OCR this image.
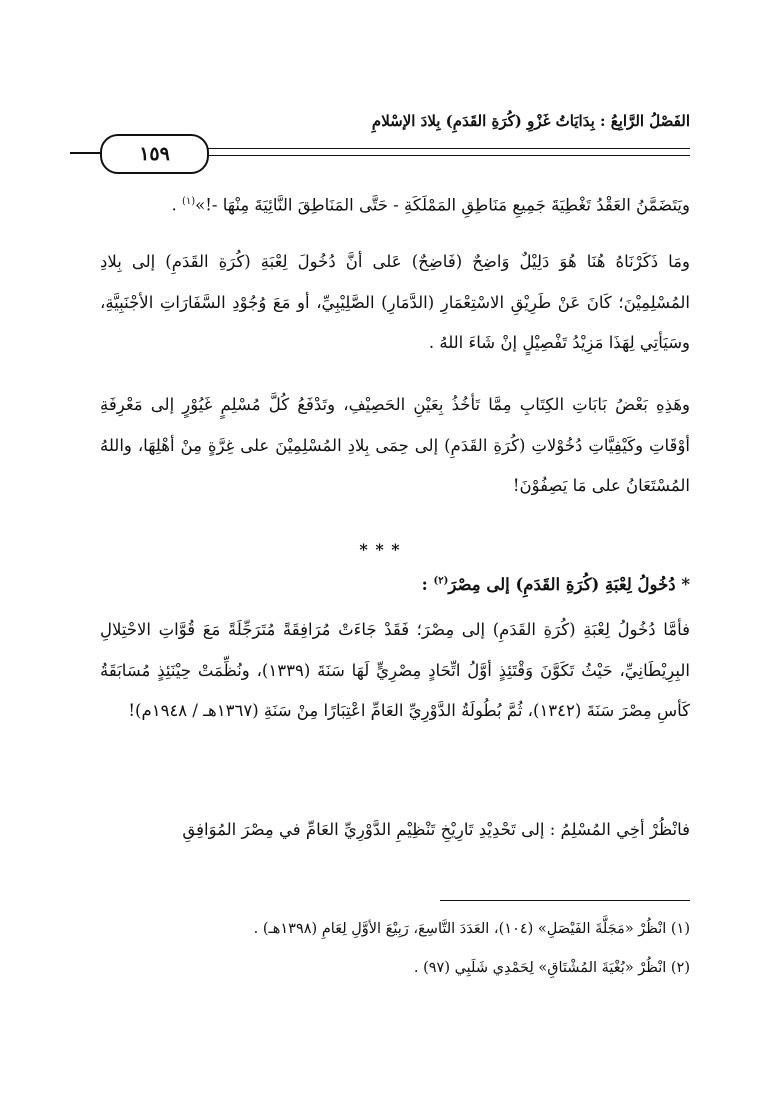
الفَصْلُ الرَّابِعُ : بِدَايَاتُ غَزْوِ (كُرَةِ القَدَمِ) بِلادَ الإسْلامِ
١٥٩
ويَتَضَمَّنُ العَقْدُ تَغْطِيَةَ جَمِيعِ مَنَاطِقِ المَمْلَكَةِ - حَتَّى المَنَاطِقَ النَّائِيَةَ مِنْهَا -!»$^{(١)}$ .
ومَا ذَكَرْنَاهُ هُنَا هُوَ دَلِيْلٌ وَاضِحٌ (فَاضِحٌ) عَلى أنَّ دُخُولَ لِعْبَةِ (كُرَةِ القَدَمِ) إلى بِلادِ المُسْلِمِيْنَ؛ كَانَ عَنْ طَرِيْقِ الاسْتِعْمَارِ (الدَّمَارِ) الصَّلِيْبِيِّ، أو مَعَ وُجُوْدِ السَّفَارَاتِ الأجْنَبِيَّةِ، وسَيَأتِي لِهَذَا مَزِيْدُ تَفْصِيْلٍ إنْ شَاءَ اللهُ .
وهَذِهِ بَعْضُ بَابَاتِ الكِتَابِ مِمَّا تَأخُذُ بِعَيْنِ الحَصِيْفِ، وتَدْفَعُ كُلَّ مُسْلِمٍ غَيُوْرٍ إلى مَعْرِفَةِ أوْقَاتِ وكَيْفِيَّاتِ دُخُوْلاتِ (كُرَةِ القَدَمِ) إلى حِمَى بِلادِ المُسْلِمِيْنَ على غِرَّةٍ مِنْ أهْلِهَا، واللهُ المُسْتَعَانُ على مَا يَصِفُوْنَ!
* * *
* دُخُولُ لِعْبَةِ (كُرَةِ القَدَمِ) إلى مِصْرَ$^{(٢)}$ :
فأمَّا دُخُولُ لِعْبَةِ (كُرَةِ القَدَمِ) إلى مِصْرَ؛ فَقَدْ جَاءَتْ مُرَافِقَةً مُتَرَجِّلَةً مَعَ قُوَّاتِ الاحْتِلالِ البِرِيْطَانِيِّ، حَيْثُ تَكَوَّنَ وَقْتَئِذٍ أوَّلُ اتِّحَادٍ مِصْرِيٍّ لَهَا سَنَةَ (١٣٣٩)، ونُظِّمَتْ حِيْنَئِذٍ مُسَابَقَةُ كَأسِ مِصْرَ سَنَةَ (١٣٤٢)، ثُمَّ بُطُولَةُ الدَّوْرِيِّ العَامِّ اعْتِبَارًا مِنْ سَنَةِ (١٣٦٧هـ / ١٩٤٨م)!
فانْظُرْ أخِي المُسْلِمُ : إلى تَحْدِيْدِ تَارِيْخِ تَنْظِيْمِ الدَّوْرِيِّ العَامِّ في مِصْرَ المُوَافِقِ
(١) انْظُرْ «مَجَلَّةَ الفَيْصَلِ» (١٠٤)، العَدَدَ التَّاسِعَ، رَبِيْعَ الأوَّلِ لِعَامِ (١٣٩٨هـ) .
(٢) انْظُرْ «بُغْيَةَ المُشْتَاقِ» لِحَمْدِي شَلَبِي (٩٧) .
